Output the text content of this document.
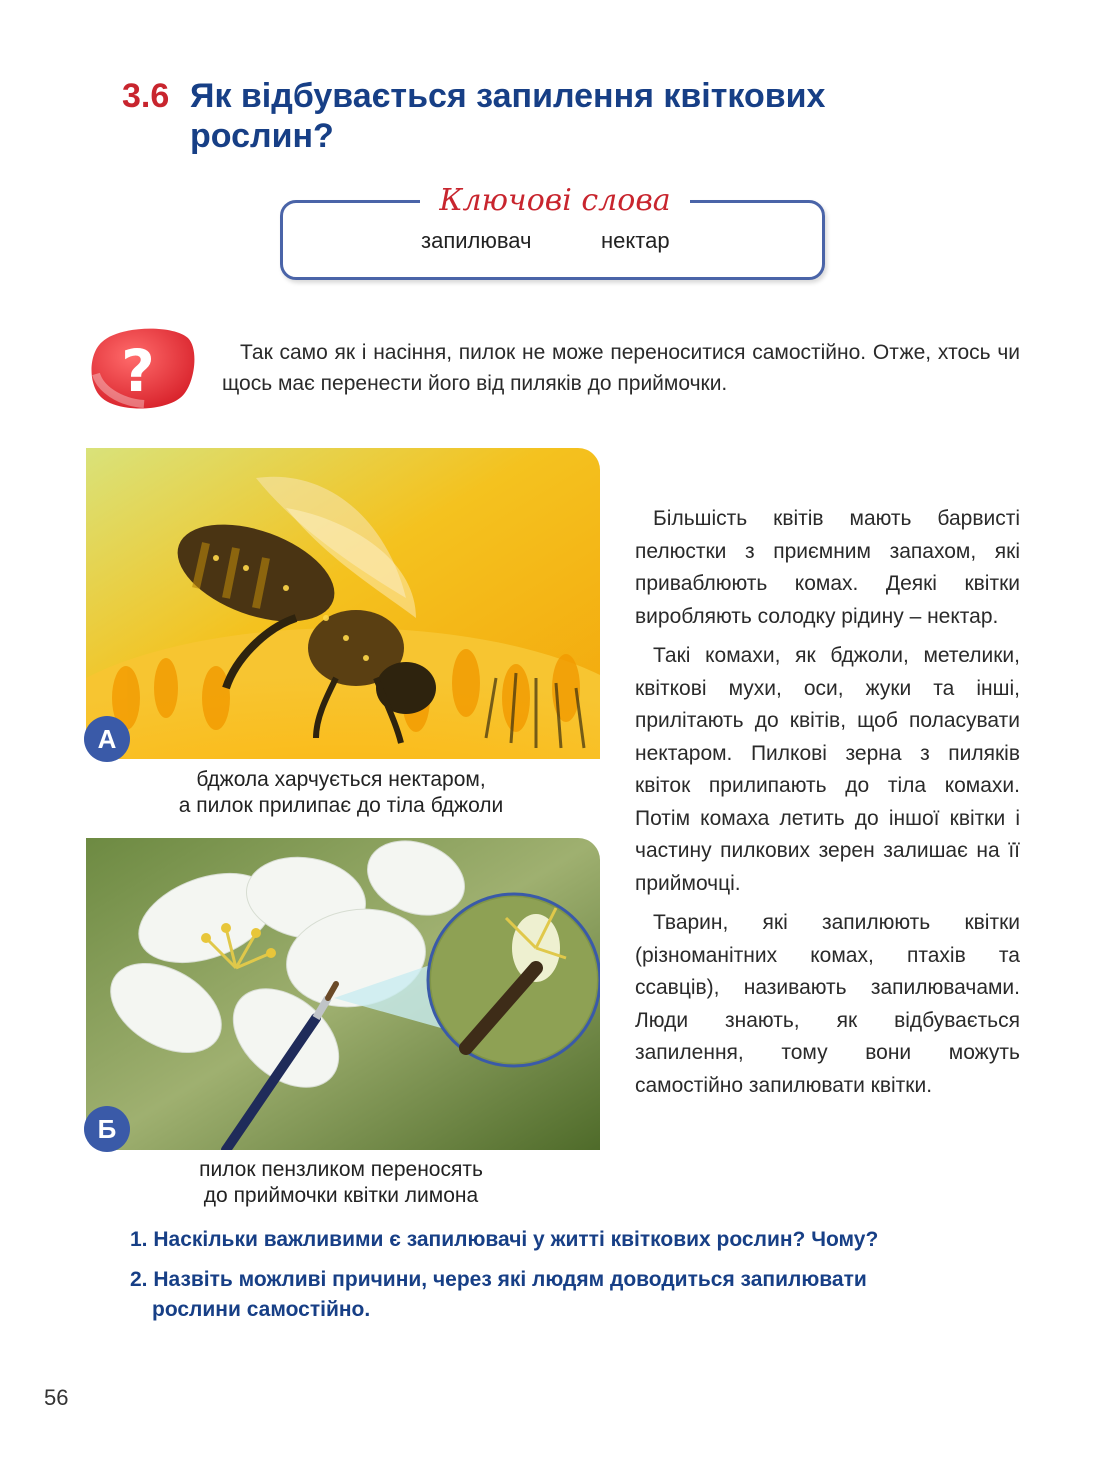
3.6 Як відбувається запилення квіткових рослин?
Ключові слова
запилювач	нектар
?	Так само як і насіння, пилок не може переноситися самостійно. Отже, хтось чи щось має перенести його від пиляків до приймочки.

А
бджола харчується нектаром,
а пилок прилипає до тіла бджоли
Б
пилок пензликом переносять
до приймочки квітки лимона

Більшість квітів мають барвисті пелюстки з приємним запахом, які приваблюють комах. Деякі квітки виробляють солодку рідину – нектар.

Такі комахи, як бджоли, метелики, квіткові мухи, оси, жуки та інші, прилітають до квітів, щоб поласувати нектаром. Пилкові зерна з пиляків квіток прилипають до тіла комахи. Потім комаха летить до іншої квітки і частину пилкових зерен залишає на її приймочці.

Тварин, які запилюють квітки (різноманітних комах, птахів та ссавців), називають запилювачами. Люди знають, як відбувається запилення, тому вони можуть самостійно запилювати квітки.

1. Наскільки важливими є запилювачі у житті квіткових рослин? Чому?
2. Назвіть можливі причини, через які людям доводиться запилювати
рослини самостійно.
56
